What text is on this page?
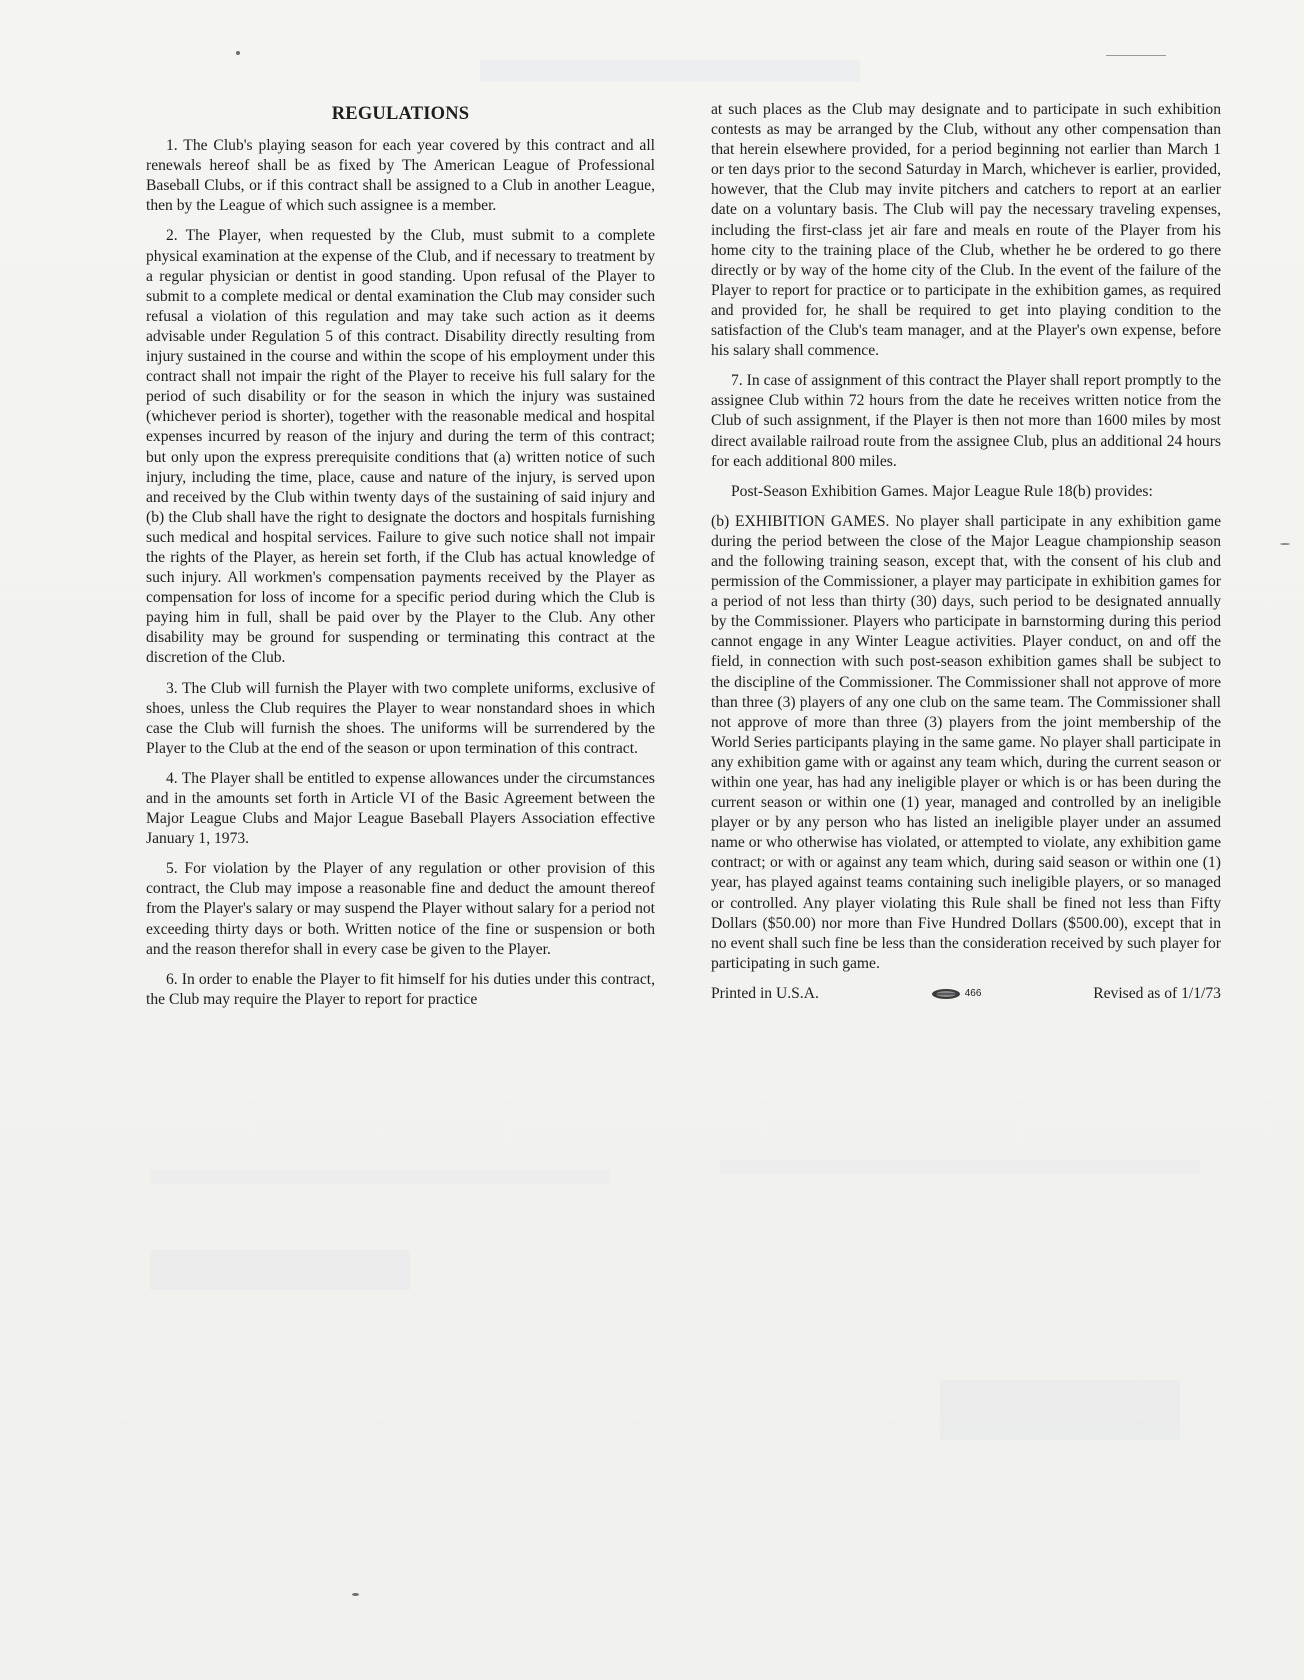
REGULATIONS

1. The Club's playing season for each year covered by this contract and all renewals hereof shall be as fixed by The American League of Professional Baseball Clubs, or if this contract shall be assigned to a Club in another League, then by the League of which such assignee is a member.

2. The Player, when requested by the Club, must submit to a complete physical examination at the expense of the Club, and if necessary to treatment by a regular physician or dentist in good standing. Upon refusal of the Player to submit to a complete medical or dental examination the Club may consider such refusal a violation of this regulation and may take such action as it deems advisable under Regulation 5 of this contract. Disability directly resulting from injury sustained in the course and within the scope of his employment under this contract shall not impair the right of the Player to receive his full salary for the period of such disability or for the season in which the injury was sustained (whichever period is shorter), together with the reasonable medical and hospital expenses incurred by reason of the injury and during the term of this contract; but only upon the express prerequisite conditions that (a) written notice of such injury, including the time, place, cause and nature of the injury, is served upon and received by the Club within twenty days of the sustaining of said injury and (b) the Club shall have the right to designate the doctors and hospitals furnishing such medical and hospital services. Failure to give such notice shall not impair the rights of the Player, as herein set forth, if the Club has actual knowledge of such injury. All workmen's compensation payments received by the Player as compensation for loss of income for a specific period during which the Club is paying him in full, shall be paid over by the Player to the Club. Any other disability may be ground for suspending or terminating this contract at the discretion of the Club.

3. The Club will furnish the Player with two complete uniforms, exclusive of shoes, unless the Club requires the Player to wear nonstandard shoes in which case the Club will furnish the shoes. The uniforms will be surrendered by the Player to the Club at the end of the season or upon termination of this contract.

4. The Player shall be entitled to expense allowances under the circumstances and in the amounts set forth in Article VI of the Basic Agreement between the Major League Clubs and Major League Baseball Players Association effective January 1, 1973.

5. For violation by the Player of any regulation or other provision of this contract, the Club may impose a reasonable fine and deduct the amount thereof from the Player's salary or may suspend the Player without salary for a period not exceeding thirty days or both. Written notice of the fine or suspension or both and the reason therefor shall in every case be given to the Player.

6. In order to enable the Player to fit himself for his duties under this contract, the Club may require the Player to report for practice

at such places as the Club may designate and to participate in such exhibition contests as may be arranged by the Club, without any other compensation than that herein elsewhere provided, for a period beginning not earlier than March 1 or ten days prior to the second Saturday in March, whichever is earlier, provided, however, that the Club may invite pitchers and catchers to report at an earlier date on a voluntary basis. The Club will pay the necessary traveling expenses, including the first-class jet air fare and meals en route of the Player from his home city to the training place of the Club, whether he be ordered to go there directly or by way of the home city of the Club. In the event of the failure of the Player to report for practice or to participate in the exhibition games, as required and provided for, he shall be required to get into playing condition to the satisfaction of the Club's team manager, and at the Player's own expense, before his salary shall commence.

7. In case of assignment of this contract the Player shall report promptly to the assignee Club within 72 hours from the date he receives written notice from the Club of such assignment, if the Player is then not more than 1600 miles by most direct available railroad route from the assignee Club, plus an additional 24 hours for each additional 800 miles.

Post-Season Exhibition Games. Major League Rule 18(b) provides:

(b) EXHIBITION GAMES. No player shall participate in any exhibition game during the period between the close of the Major League championship season and the following training season, except that, with the consent of his club and permission of the Commissioner, a player may participate in exhibition games for a period of not less than thirty (30) days, such period to be designated annually by the Commissioner. Players who participate in barnstorming during this period cannot engage in any Winter League activities. Player conduct, on and off the field, in connection with such post-season exhibition games shall be subject to the discipline of the Commissioner. The Commissioner shall not approve of more than three (3) players of any one club on the same team. The Commissioner shall not approve of more than three (3) players from the joint membership of the World Series participants playing in the same game. No player shall participate in any exhibition game with or against any team which, during the current season or within one year, has had any ineligible player or which is or has been during the current season or within one (1) year, managed and controlled by an ineligible player or by any person who has listed an ineligible player under an assumed name or who otherwise has violated, or attempted to violate, any exhibition game contract; or with or against any team which, during said season or within one (1) year, has played against teams containing such ineligible players, or so managed or controlled. Any player violating this Rule shall be fined not less than Fifty Dollars ($50.00) nor more than Five Hundred Dollars ($500.00), except that in no event shall such fine be less than the consideration received by such player for participating in such game.

Printed in U.S.A.	466	Revised as of 1/1/73
